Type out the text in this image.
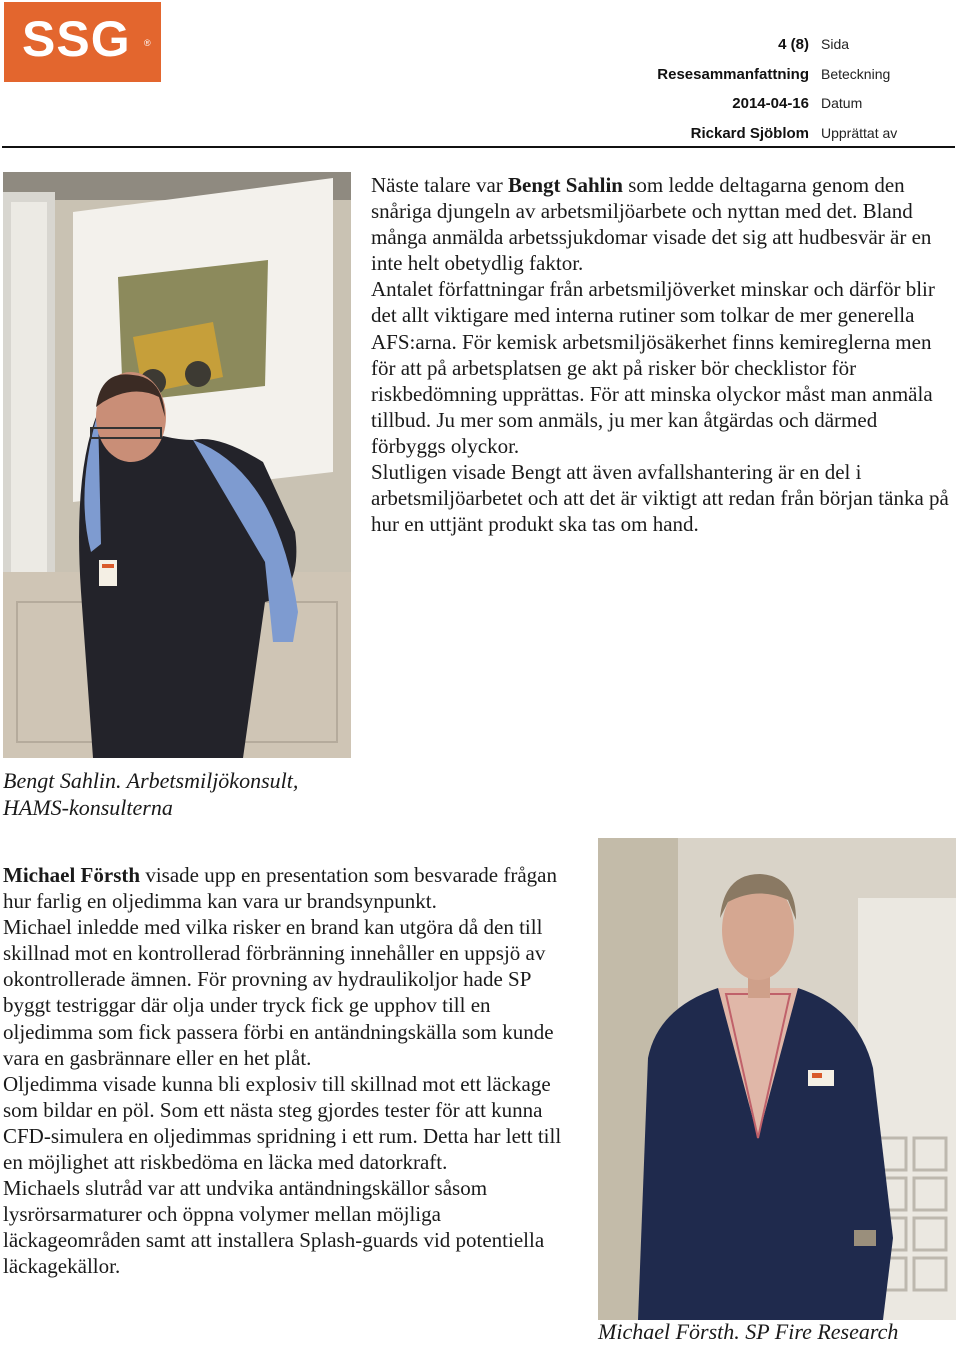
SSG ®	4 (8) Sida
Resesammanfattning Beteckning
2014-04-16 Datum
Rickard Sjöblom Upprättat av

Näste talare var Bengt Sahlin som ledde deltagarna genom den snåriga djungeln av arbetsmiljöarbete och nyttan med det. Bland många anmälda arbetssjukdomar visade det sig att hudbesvär är en inte helt obetydlig faktor.

Antalet författningar från arbetsmiljöverket minskar och därför blir det allt viktigare med interna rutiner som tolkar de mer generella AFS:arna. För kemisk arbetsmiljösäkerhet finns kemireglerna men för att på arbetsplatsen ge akt på risker bör checklistor för riskbedömning upprättas. För att minska olyckor måst man anmäla tillbud. Ju mer som anmäls, ju mer kan åtgärdas och därmed förbyggs olyckor.

Slutligen visade Bengt att även avfallshantering är en del i arbetsmiljöarbetet och att det är viktigt att redan från början tänka på hur en uttjänt produkt ska tas om hand.

Bengt Sahlin. Arbetsmiljökonsult,
HAMS-konsulterna

Michael Försth visade upp en presentation som besvarade frågan hur farlig en oljedimma kan vara ur brandsynpunkt.

Michael inledde med vilka risker en brand kan utgöra då den till skillnad mot en kontrollerad förbränning innehåller en uppsjö av okontrollerade ämnen. För provning av hydraulikoljor hade SP byggt testriggar där olja under tryck fick ge upphov till en oljedimma som fick passera förbi en antändningskälla som kunde vara en gasbrännare eller en het plåt.

Oljedimma visade kunna bli explosiv till skillnad mot ett läckage som bildar en pöl. Som ett nästa steg gjordes tester för att kunna CFD-simulera en oljedimmas spridning i ett rum. Detta har lett till en möjlighet att riskbedöma en läcka med datorkraft.

Michaels slutråd var att undvika antändningskällor såsom lysrörsarmaturer och öppna volymer mellan möjliga läckageområden samt att installera Splash-guards vid potentiella läckagekällor.

Michael Försth. SP Fire Research
